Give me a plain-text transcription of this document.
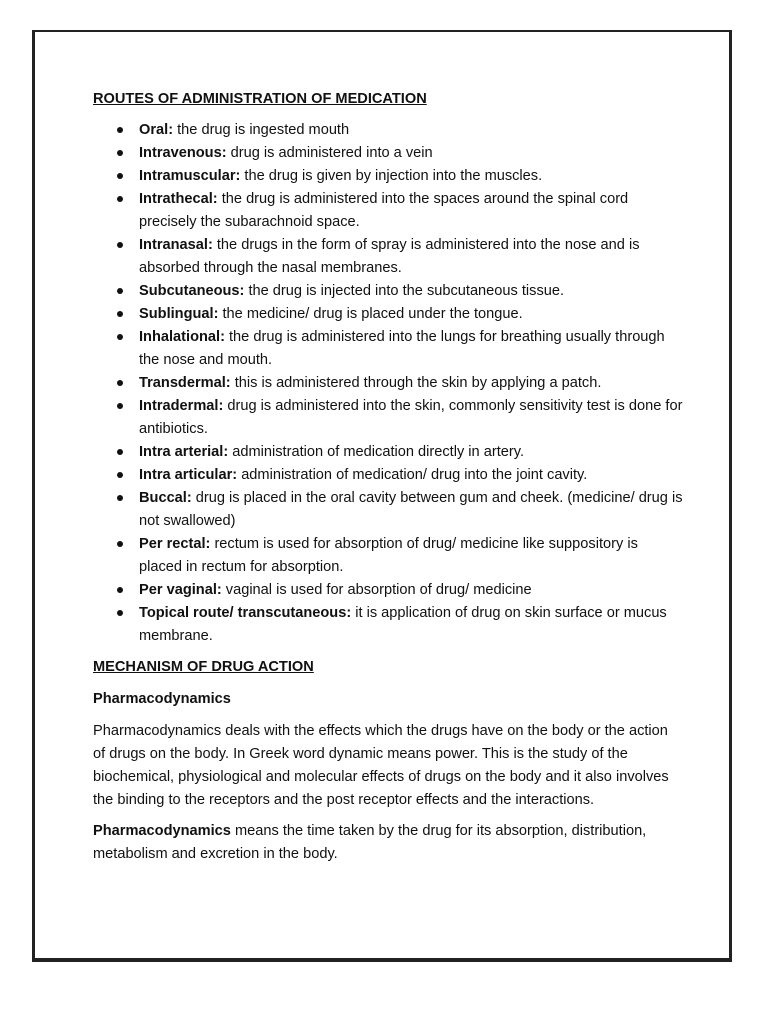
ROUTES OF ADMINISTRATION OF MEDICATION
Oral: the drug is ingested mouth
Intravenous: drug is administered into a vein
Intramuscular: the drug is given by injection into the muscles.
Intrathecal: the drug is administered into the spaces around the spinal cord precisely the subarachnoid space.
Intranasal: the drugs in the form of spray is administered into the nose and is absorbed through the nasal membranes.
Subcutaneous: the drug is injected into the subcutaneous tissue.
Sublingual: the medicine/ drug is placed under the tongue.
Inhalational: the drug is administered into the lungs for breathing usually through the nose and mouth.
Transdermal: this is administered through the skin by applying a patch.
Intradermal: drug is administered into the skin, commonly sensitivity test is done for antibiotics.
Intra arterial: administration of medication directly in artery.
Intra articular: administration of medication/ drug into the joint cavity.
Buccal: drug is placed in the oral cavity between gum and cheek. (medicine/ drug is not swallowed)
Per rectal: rectum is used for absorption of drug/ medicine like suppository is placed in rectum for absorption.
Per vaginal: vaginal is used for absorption of drug/ medicine
Topical route/ transcutaneous: it is application of drug on skin surface or mucus membrane.
MECHANISM OF DRUG ACTION
Pharmacodynamics

Pharmacodynamics deals with the effects which the drugs have on the body or the action of drugs on the body. In Greek word dynamic means power. This is the study of the biochemical, physiological and molecular effects of drugs on the body and it also involves the binding to the receptors and the post receptor effects and the interactions.

Pharmacodynamics means the time taken by the drug for its absorption, distribution, metabolism and excretion in the body.
